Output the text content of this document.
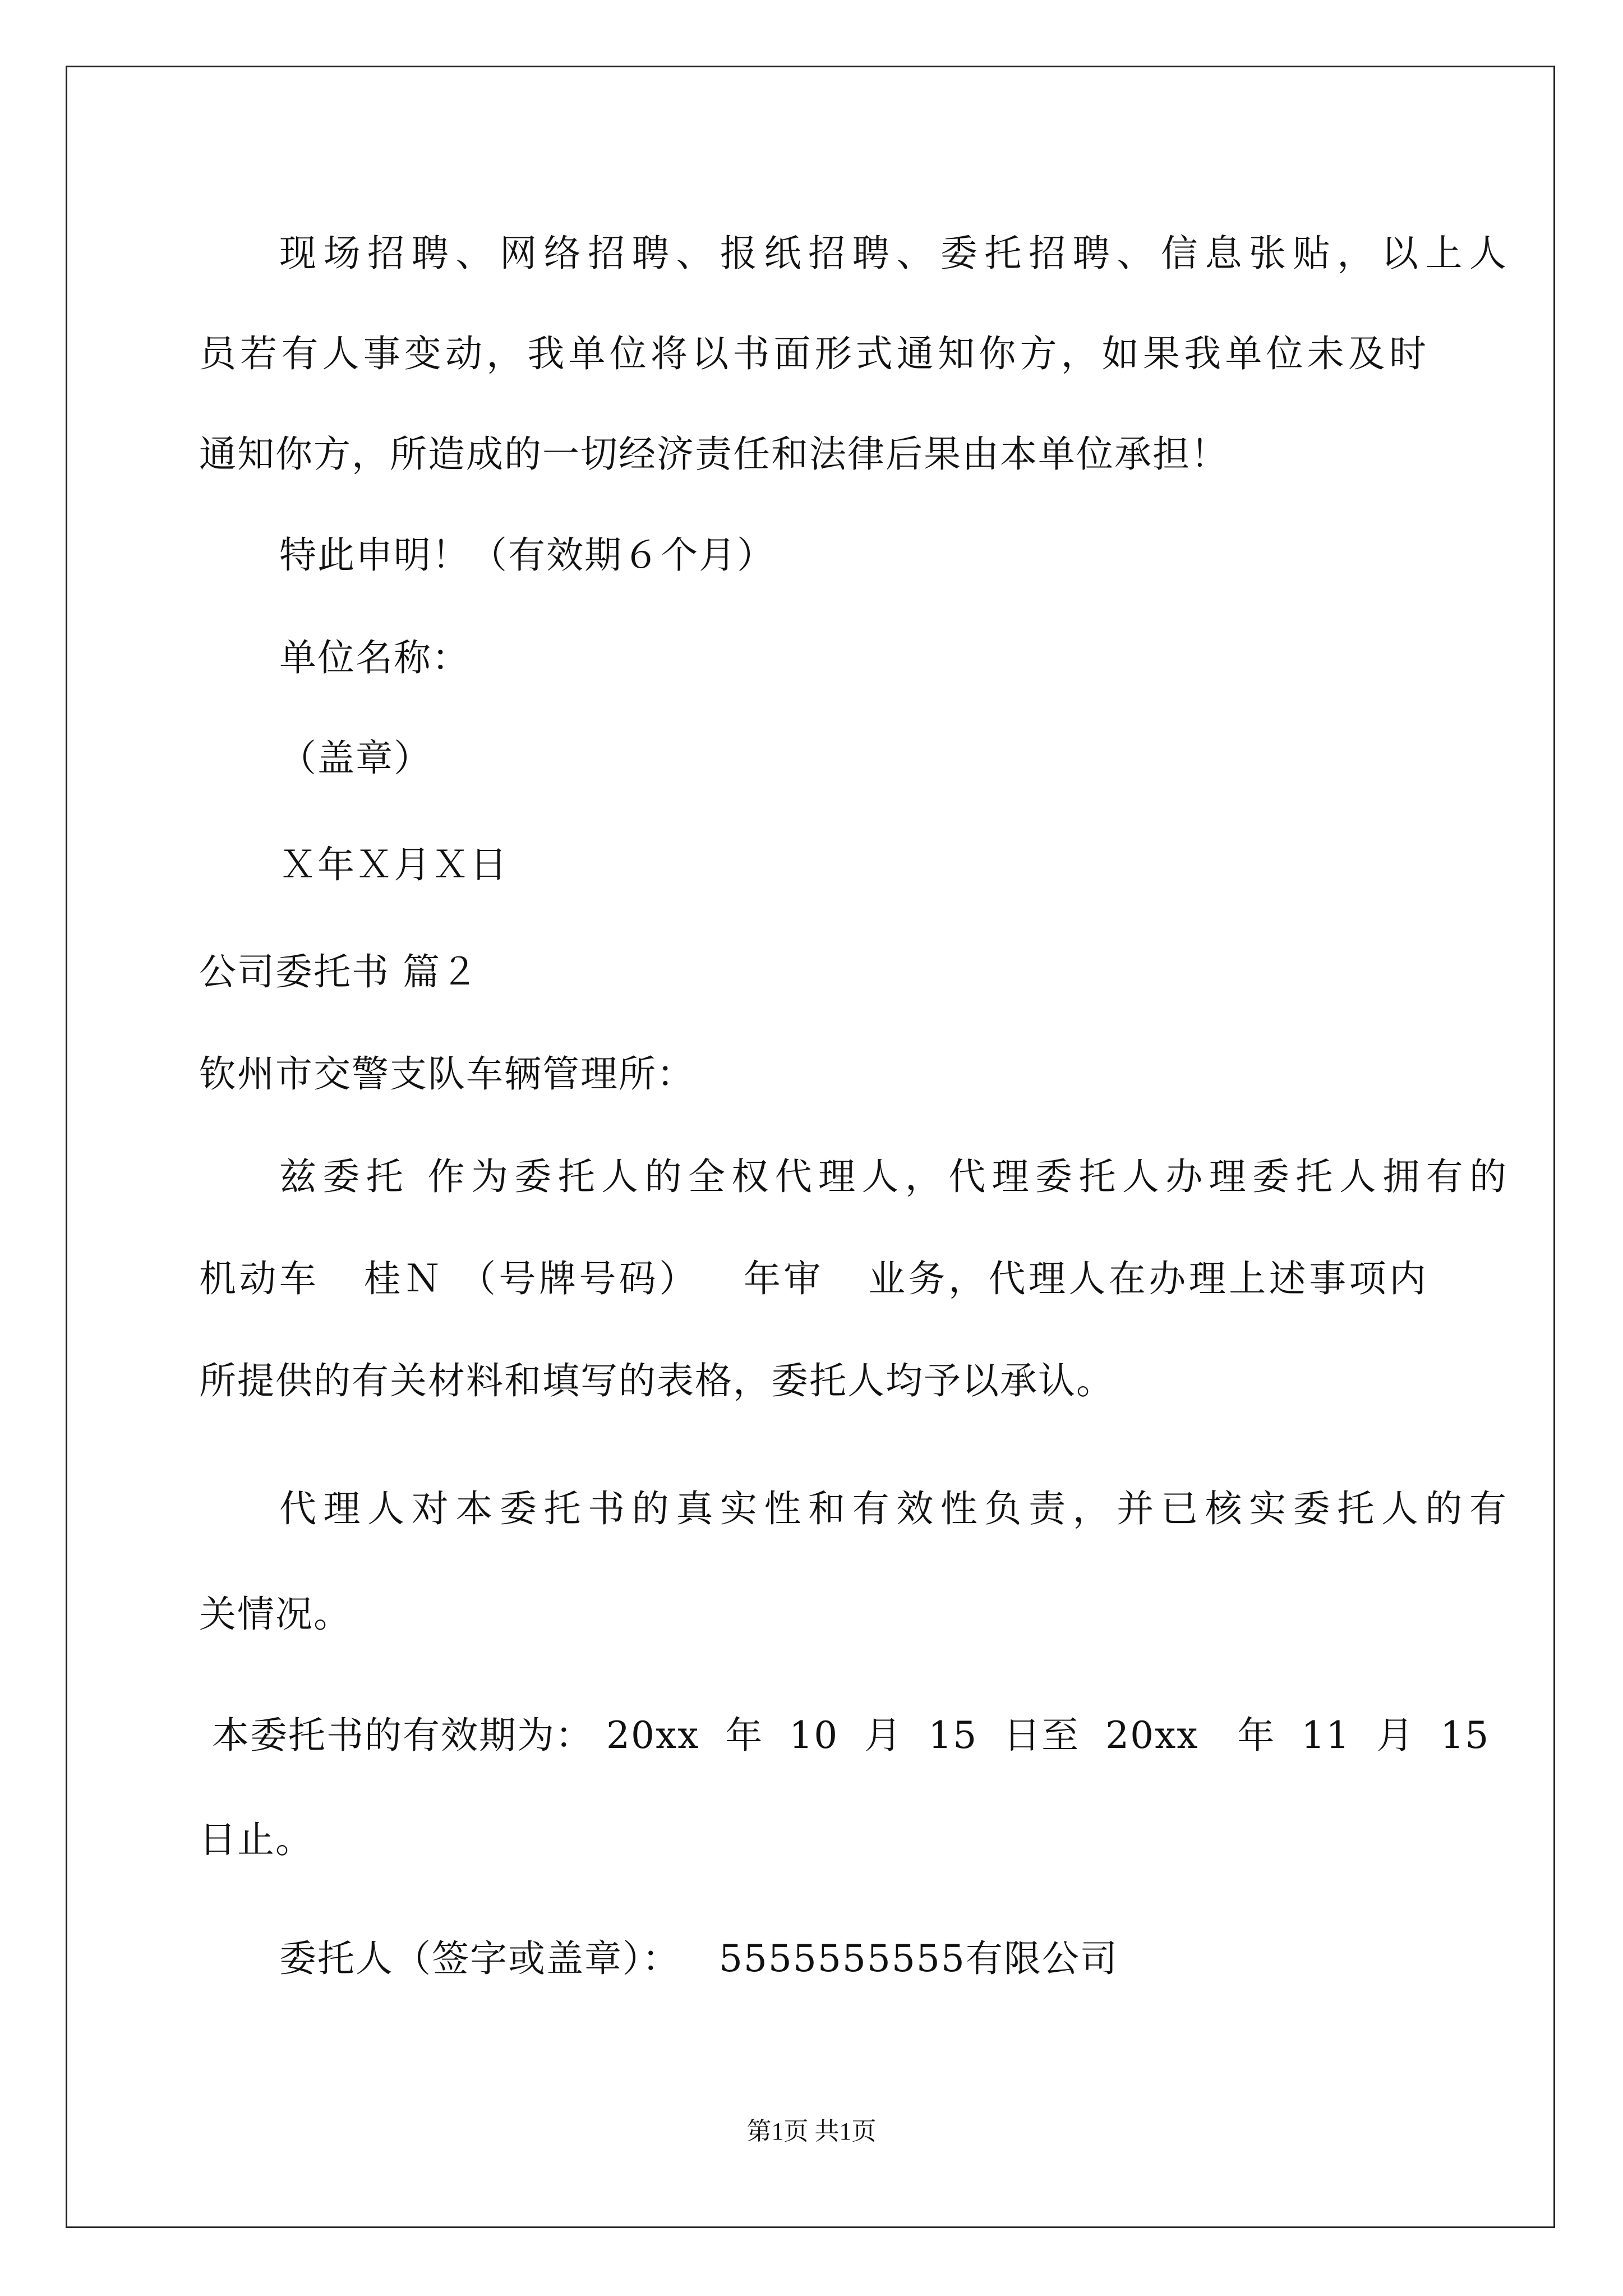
现场招聘、网络招聘、报纸招聘、委托招聘、信息张贴，以上人
员若有人事变动，我单位将以书面形式通知你方，如果我单位未及时
通知你方，所造成的一切经济责任和法律后果由本单位承担！
特此申明！（有效期６个月）
单位名称：
（盖章）
Ｘ年Ｘ月Ｘ日
公司委托书 篇２
钦州市交警支队车辆管理所：
兹委托 作为委托人的全权代理人，代理委托人办理委托人拥有的
机动车   桂Ｎ （号牌号码）   年审   业务，代理人在办理上述事项内
所提供的有关材料和填写的表格，委托人均予以承认。
代理人对本委托书的真实性和有效性负责，并已核实委托人的有
关情况。
本委托书的有效期为： 20xx  年  10  月  15  日至  20xx   年  11  月  15
日止。
委托人（签字或盖章）：   5555555555有限公司
第1页 共1页
